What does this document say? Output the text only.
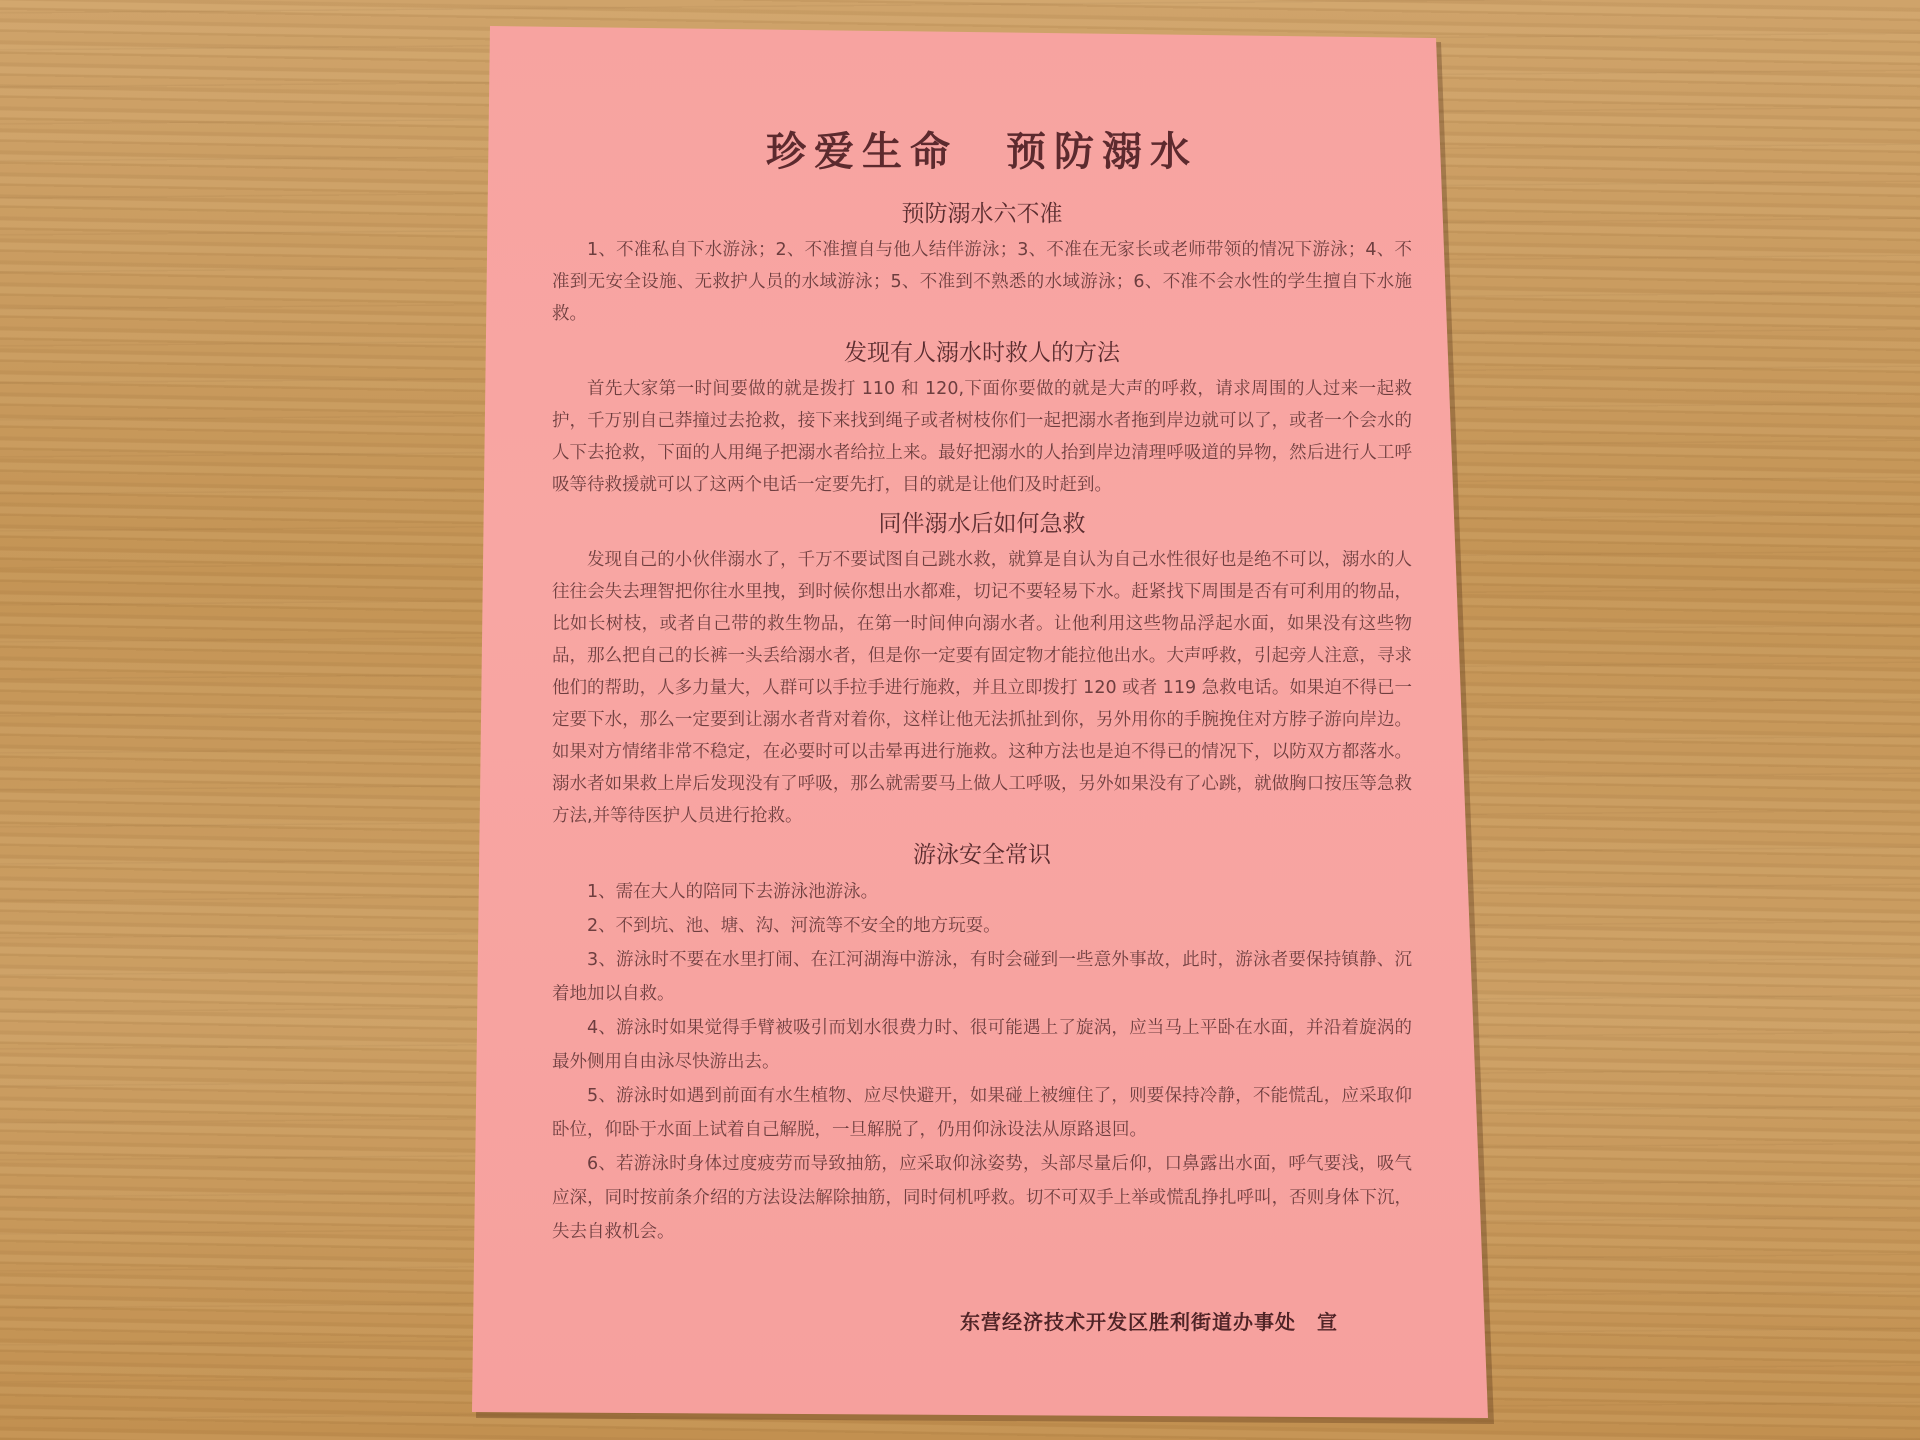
珍爱生命　预防溺水
预防溺水六不准

1、不准私自下水游泳；2、不准擅自与他人结伴游泳；3、不准在无家长或老师带领的情况下游泳；4、不准到无安全设施、无救护人员的水域游泳；5、不准到不熟悉的水域游泳；6、不准不会水性的学生擅自下水施救。

发现有人溺水时救人的方法

首先大家第一时间要做的就是拨打 110 和 120,下面你要做的就是大声的呼救，请求周围的人过来一起救护，千万别自己莽撞过去抢救，接下来找到绳子或者树枝你们一起把溺水者拖到岸边就可以了，或者一个会水的人下去抢救，下面的人用绳子把溺水者给拉上来。最好把溺水的人抬到岸边清理呼吸道的异物，然后进行人工呼吸等待救援就可以了这两个电话一定要先打，目的就是让他们及时赶到。

同伴溺水后如何急救

发现自己的小伙伴溺水了，千万不要试图自己跳水救，就算是自认为自己水性很好也是绝不可以，溺水的人往往会失去理智把你往水里拽，到时候你想出水都难，切记不要轻易下水。赶紧找下周围是否有可利用的物品，比如长树枝，或者自己带的救生物品，在第一时间伸向溺水者。让他利用这些物品浮起水面，如果没有这些物品，那么把自己的长裤一头丢给溺水者，但是你一定要有固定物才能拉他出水。大声呼救，引起旁人注意，寻求他们的帮助，人多力量大，人群可以手拉手进行施救，并且立即拨打 120 或者 119 急救电话。如果迫不得已一定要下水，那么一定要到让溺水者背对着你，这样让他无法抓扯到你，另外用你的手腕挽住对方脖子游向岸边。如果对方情绪非常不稳定，在必要时可以击晕再进行施救。这种方法也是迫不得已的情况下，以防双方都落水。溺水者如果救上岸后发现没有了呼吸，那么就需要马上做人工呼吸，另外如果没有了心跳，就做胸口按压等急救方法,并等待医护人员进行抢救。

游泳安全常识

1、需在大人的陪同下去游泳池游泳。

2、不到坑、池、塘、沟、河流等不安全的地方玩耍。

3、游泳时不要在水里打闹、在江河湖海中游泳，有时会碰到一些意外事故，此时，游泳者要保持镇静、沉着地加以自救。

4、游泳时如果觉得手臂被吸引而划水很费力时、很可能遇上了旋涡，应当马上平卧在水面，并沿着旋涡的最外侧用自由泳尽快游出去。

5、游泳时如遇到前面有水生植物、应尽快避开，如果碰上被缠住了，则要保持冷静，不能慌乱，应采取仰卧位，仰卧于水面上试着自己解脱，一旦解脱了，仍用仰泳设法从原路退回。

6、若游泳时身体过度疲劳而导致抽筋，应采取仰泳姿势，头部尽量后仰，口鼻露出水面，呼气要浅，吸气应深，同时按前条介绍的方法设法解除抽筋，同时伺机呼救。切不可双手上举或慌乱挣扎呼叫，否则身体下沉，失去自救机会。

东营经济技术开发区胜利街道办事处　宣
